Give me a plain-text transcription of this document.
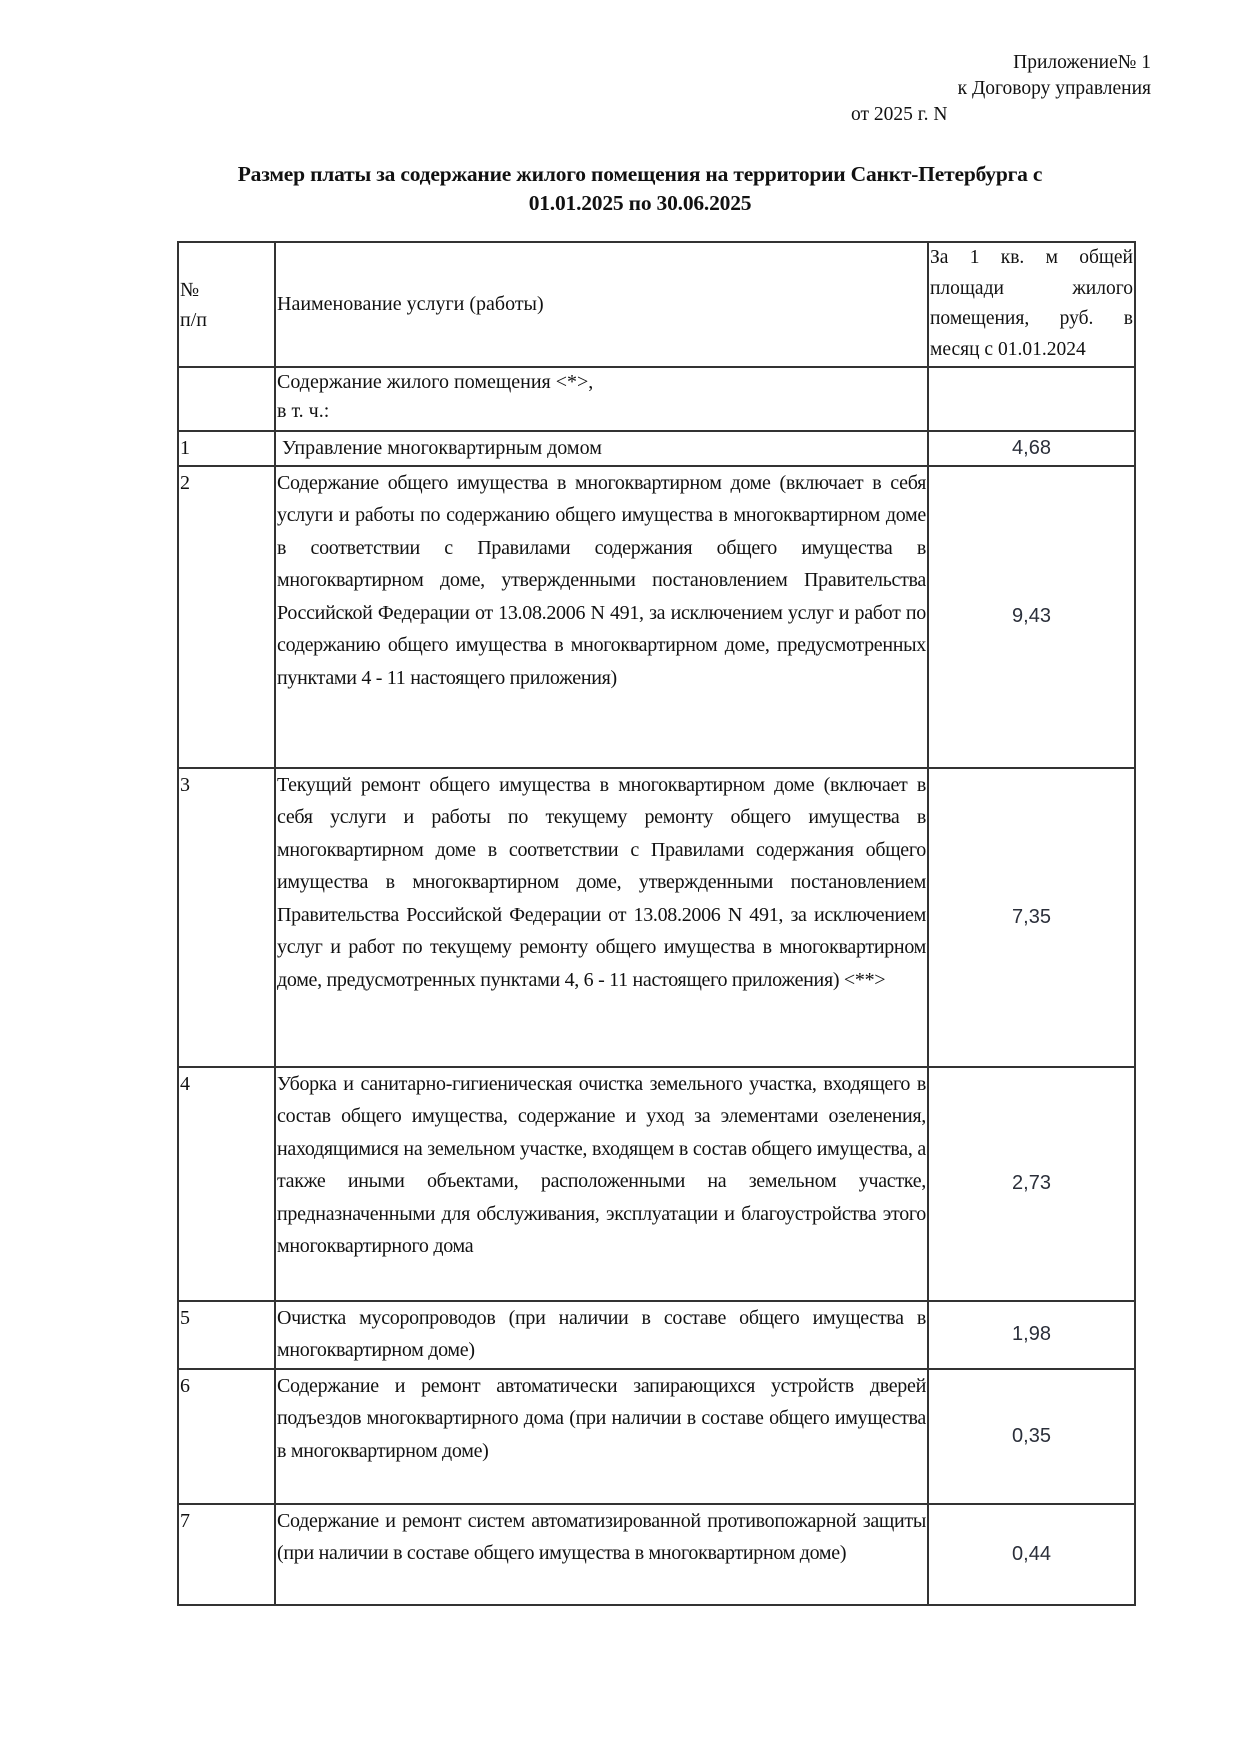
Приложение№ 1
к Договору управления
от 2025 г. N
Размер платы за содержание жилого помещения на территории Санкт-Петербурга с
01.01.2025 по 30.06.2025
№
п/п	Наименование услуги (работы)	За 1 кв. м общей площади жилого помещения, руб. в месяц с 01.01.2024

	Содержание жилого помещения <*>,
в т. ч.:	

1	Управление многоквартирным домом	4,68
2	Содержание общего имущества в многоквартирном доме (включает в себя услуги и работы по содержанию общего имущества в многоквартирном доме в соответствии с Правилами содержания общего имущества в многоквартирном доме, утвержденными постановлением Правительства Российской Федерации от 13.08.2006 N 491, за исключением услуг и работ по содержанию общего имущества в многоквартирном доме, предусмотренных пунктами 4 - 11 настоящего приложения)	9,43
3	Текущий ремонт общего имущества в многоквартирном доме (включает в себя услуги и работы по текущему ремонту общего имущества в многоквартирном доме в соответствии с Правилами содержания общего имущества в многоквартирном доме, утвержденными постановлением Правительства Российской Федерации от 13.08.2006 N 491, за исключением услуг и работ по текущему ремонту общего имущества в многоквартирном доме, предусмотренных пунктами 4, 6 - 11 настоящего приложения) <**>	7,35
4	Уборка и санитарно-гигиеническая очистка земельного участка, входящего в состав общего имущества, содержание и уход за элементами озеленения, находящимися на земельном участке, входящем в состав общего имущества, а также иными объектами, расположенными на земельном участке, предназначенными для обслуживания, эксплуатации и благоустройства этого многоквартирного дома	2,73
5	Очистка мусоропроводов (при наличии в составе общего имущества в многоквартирном доме)	1,98
6	Содержание и ремонт автоматически запирающихся устройств дверей подъездов многоквартирного дома (при наличии в составе общего имущества в многоквартирном доме)	0,35
7	Содержание и ремонт систем автоматизированной противопожарной защиты (при наличии в составе общего имущества в многоквартирном доме)	0,44
